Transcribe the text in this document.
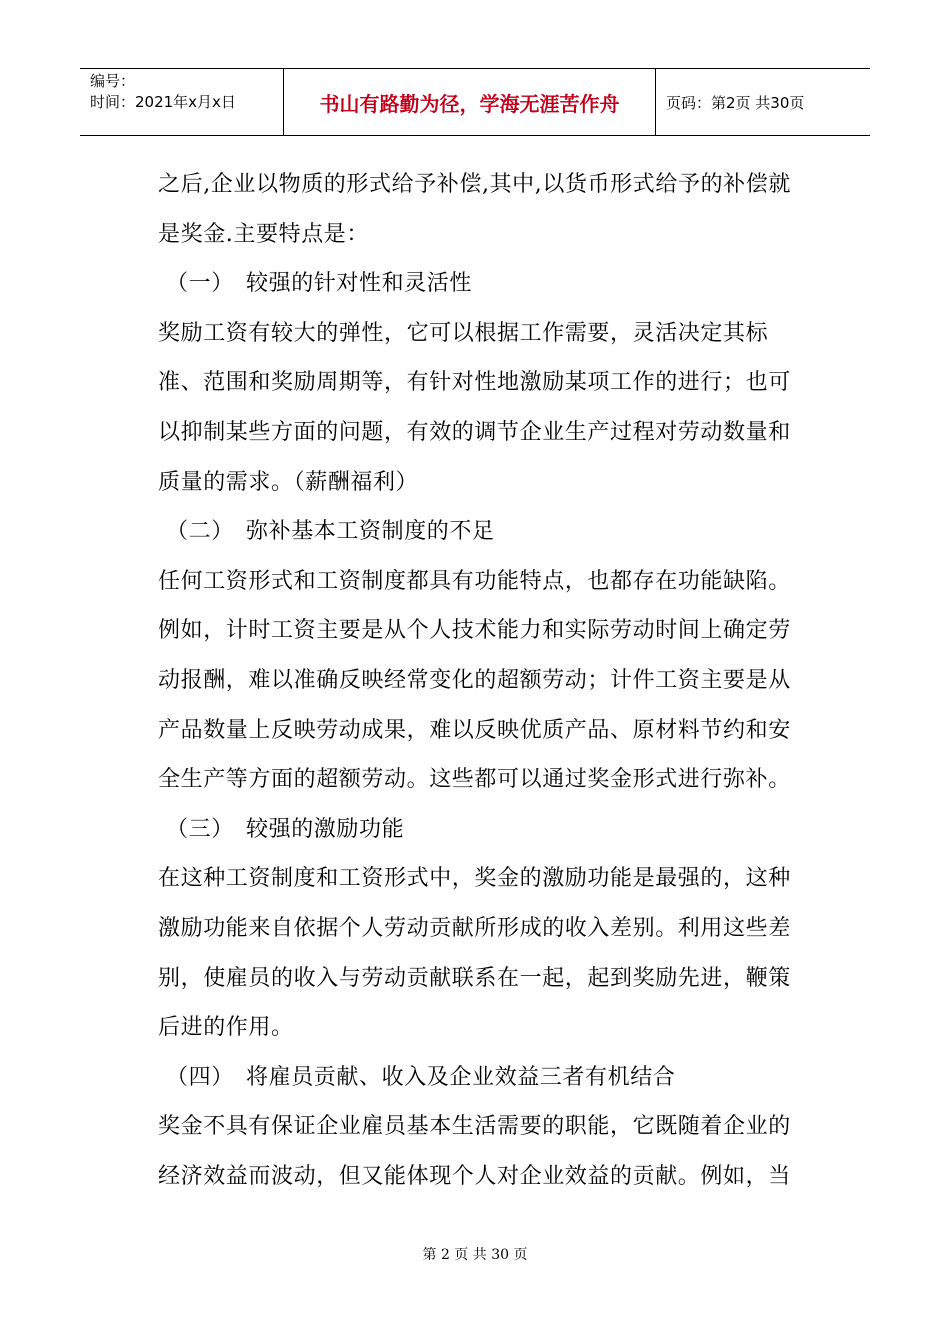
编号：
时间：2021年x月x日	书山有路勤为径，学海无涯苦作舟	页码：第2页 共30页

之后,企业以物质的形式给予补偿,其中,以货币形式给予的补偿就

是奖金.主要特点是：

（一） 较强的针对性和灵活性

奖励工资有较大的弹性，它可以根据工作需要，灵活决定其标

准、范围和奖励周期等，有针对性地激励某项工作的进行；也可

以抑制某些方面的问题，有效的调节企业生产过程对劳动数量和

质量的需求。（薪酬福利）

（二） 弥补基本工资制度的不足

任何工资形式和工资制度都具有功能特点，也都存在功能缺陷。

例如，计时工资主要是从个人技术能力和实际劳动时间上确定劳

动报酬，难以准确反映经常变化的超额劳动；计件工资主要是从

产品数量上反映劳动成果，难以反映优质产品、原材料节约和安

全生产等方面的超额劳动。这些都可以通过奖金形式进行弥补。

（三） 较强的激励功能

在这种工资制度和工资形式中，奖金的激励功能是最强的，这种

激励功能来自依据个人劳动贡献所形成的收入差别。利用这些差

别，使雇员的收入与劳动贡献联系在一起，起到奖励先进，鞭策

后进的作用。

（四） 将雇员贡献、收入及企业效益三者有机结合

奖金不具有保证企业雇员基本生活需要的职能，它既随着企业的

经济效益而波动，但又能体现个人对企业效益的贡献。例如，当

第 2 页 共 30 页
